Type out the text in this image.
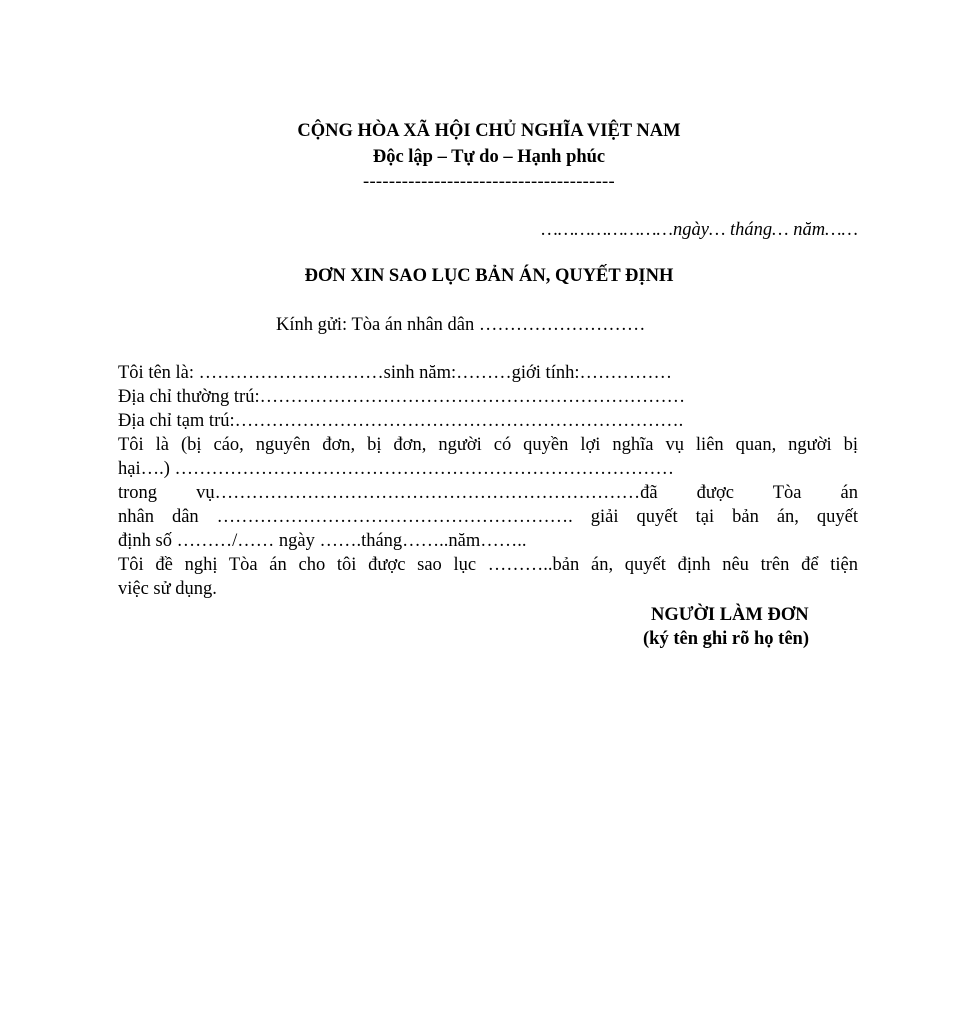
CỘNG HÒA XÃ HỘI CHỦ NGHĨA VIỆT NAM
Độc lập – Tự do – Hạnh phúc
---------------------------------------
……………………ngày… tháng… năm……
ĐƠN XIN SAO LỤC BẢN ÁN, QUYẾT ĐỊNH
Kính gửi: Tòa án nhân dân ………………………
Tôi tên là: …………………………sinh năm:………giới tính:……………
Địa chỉ thường trú:……………………………………………………………
Địa chỉ tạm trú:……………………………………………………………….
Tôi là (bị cáo, nguyên đơn, bị đơn, người có quyền lợi nghĩa vụ liên quan, người bị
hại….) ………………………………………………………………………
trong vụ……………………………………………………………đã được Tòa án
nhân dân …………………………………………………. giải quyết tại bản án, quyết
định số ………/…… ngày …….tháng……..năm……..
Tôi đề nghị Tòa án cho tôi được sao lục ………..bản án, quyết định nêu trên để tiện
việc sử dụng.
NGƯỜI LÀM ĐƠN
(ký tên ghi rõ họ tên)
